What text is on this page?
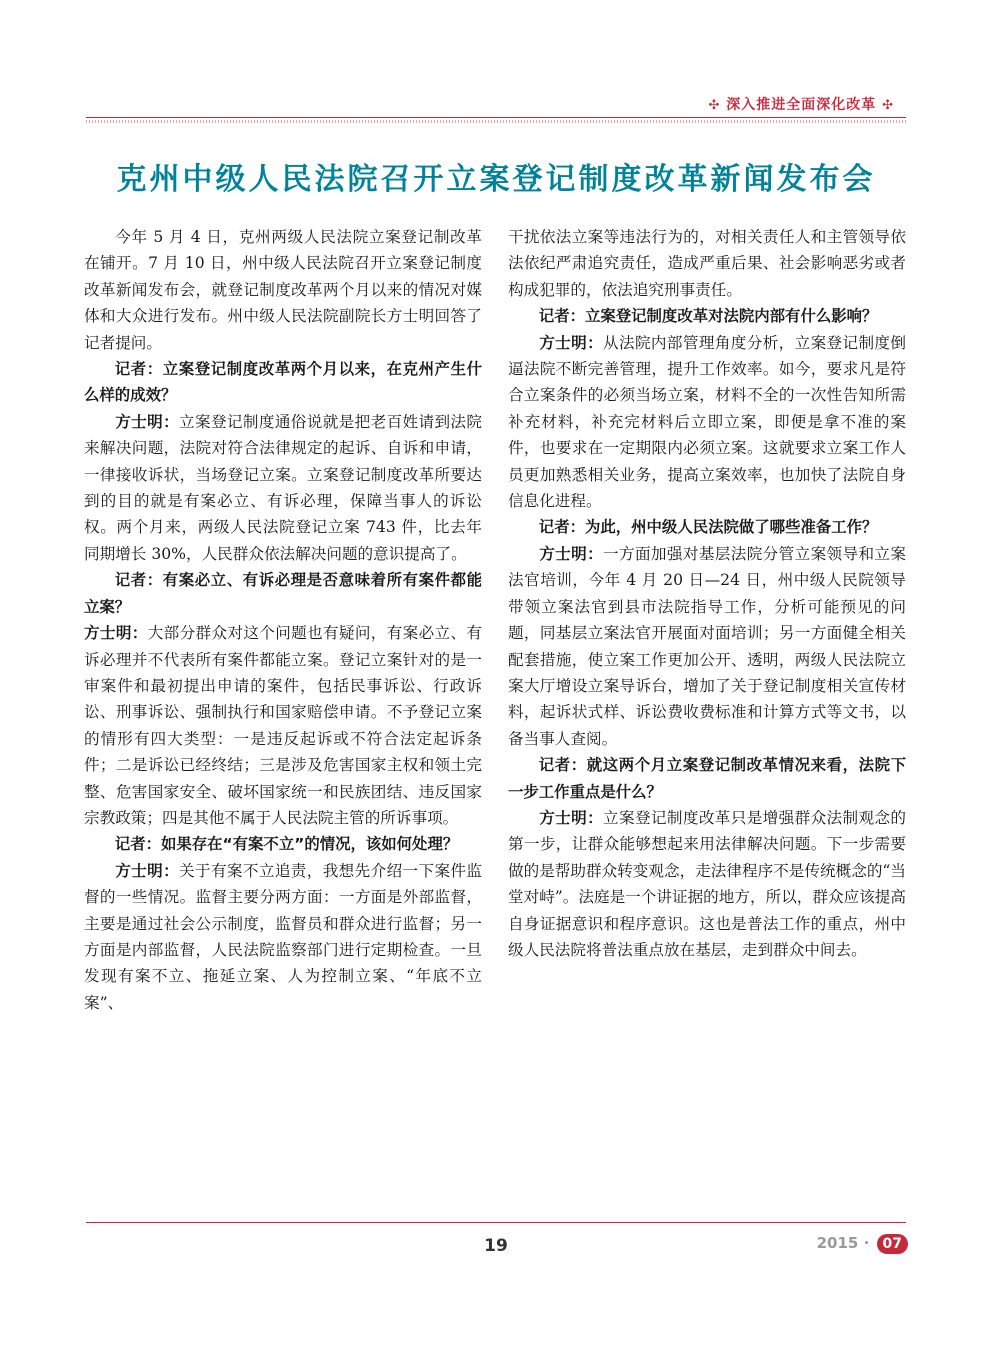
✣ 深入推进全面深化改革 ✣
克州中级人民法院召开立案登记制度改革新闻发布会

今年 5 月 4 日，克州两级人民法院立案登记制改革在铺开。7 月 10 日，州中级人民法院召开立案登记制度改革新闻发布会，就登记制度改革两个月以来的情况对媒体和大众进行发布。州中级人民法院副院长方士明回答了记者提问。

记者：立案登记制度改革两个月以来，在克州产生什么样的成效？

方士明：立案登记制度通俗说就是把老百姓请到法院来解决问题，法院对符合法律规定的起诉、自诉和申请，一律接收诉状，当场登记立案。立案登记制度改革所要达到的目的就是有案必立、有诉必理，保障当事人的诉讼权。两个月来，两级人民法院登记立案 743 件，比去年同期增长 30%，人民群众依法解决问题的意识提高了。

记者：有案必立、有诉必理是否意味着所有案件都能立案？

方士明：大部分群众对这个问题也有疑问，有案必立、有诉必理并不代表所有案件都能立案。登记立案针对的是一审案件和最初提出申请的案件，包括民事诉讼、行政诉讼、刑事诉讼、强制执行和国家赔偿申请。不予登记立案的情形有四大类型：一是违反起诉或不符合法定起诉条件；二是诉讼已经终结；三是涉及危害国家主权和领土完整、危害国家安全、破坏国家统一和民族团结、违反国家宗教政策；四是其他不属于人民法院主管的所诉事项。

记者：如果存在“有案不立”的情况，该如何处理？

方士明：关于有案不立追责，我想先介绍一下案件监督的一些情况。监督主要分两方面：一方面是外部监督，主要是通过社会公示制度，监督员和群众进行监督；另一方面是内部监督，人民法院监察部门进行定期检查。一旦发现有案不立、拖延立案、人为控制立案、“年底不立案”、

干扰依法立案等违法行为的，对相关责任人和主管领导依法依纪严肃追究责任，造成严重后果、社会影响恶劣或者构成犯罪的，依法追究刑事责任。

记者：立案登记制度改革对法院内部有什么影响？

方士明：从法院内部管理角度分析，立案登记制度倒逼法院不断完善管理，提升工作效率。如今，要求凡是符合立案条件的必须当场立案，材料不全的一次性告知所需补充材料，补充完材料后立即立案，即便是拿不准的案件，也要求在一定期限内必须立案。这就要求立案工作人员更加熟悉相关业务，提高立案效率，也加快了法院自身信息化进程。

记者：为此，州中级人民法院做了哪些准备工作？

方士明：一方面加强对基层法院分管立案领导和立案法官培训，今年 4 月 20 日—24 日，州中级人民院领导带领立案法官到县市法院指导工作，分析可能预见的问题，同基层立案法官开展面对面培训；另一方面健全相关配套措施，使立案工作更加公开、透明，两级人民法院立案大厅增设立案导诉台，增加了关于登记制度相关宣传材料，起诉状式样、诉讼费收费标准和计算方式等文书，以备当事人查阅。

记者：就这两个月立案登记制改革情况来看，法院下一步工作重点是什么？

方士明：立案登记制度改革只是增强群众法制观念的第一步，让群众能够想起来用法律解决问题。下一步需要做的是帮助群众转变观念，走法律程序不是传统概念的“当堂对峙”。法庭是一个讲证据的地方，所以，群众应该提高自身证据意识和程序意识。这也是普法工作的重点，州中级人民法院将普法重点放在基层，走到群众中间去。

19	2015 · 07
